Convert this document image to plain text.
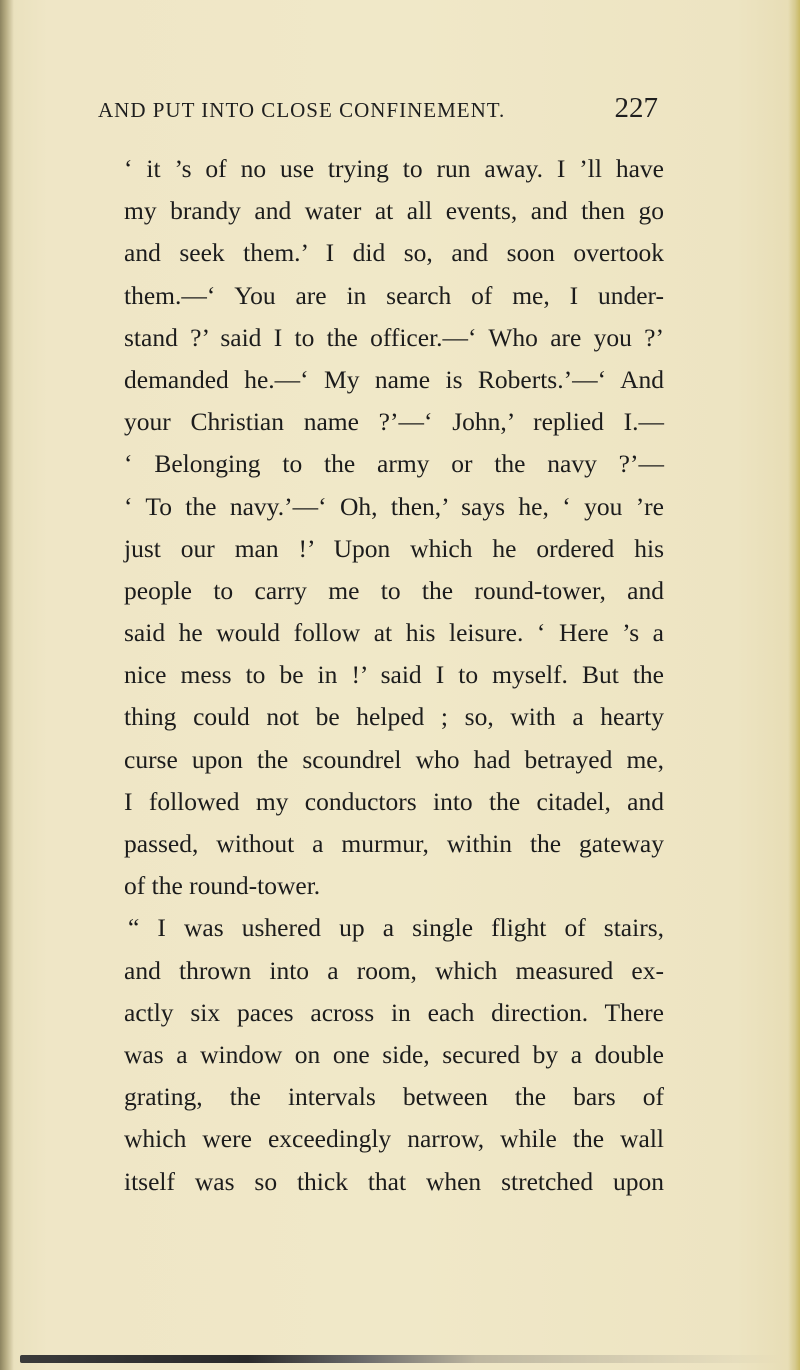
AND PUT INTO CLOSE CONFINEMENT.	227
‘ it ’s of no use trying to run away. I ’ll have
my brandy and water at all events, and then go
and seek them.’ I did so, and soon overtook
them.—‘ You are in search of me, I under-
stand ?’ said I to the officer.—‘ Who are you ?’
demanded he.—‘ My name is Roberts.’—‘ And
your Christian name ?’—‘ John,’ replied I.—
‘ Belonging to the army or the navy ?’—
‘ To the navy.’—‘ Oh, then,’ says he, ‘ you ’re
just our man !’ Upon which he ordered his
people to carry me to the round-tower, and
said he would follow at his leisure. ‘ Here ’s a
nice mess to be in !’ said I to myself. But the
thing could not be helped ; so, with a hearty
curse upon the scoundrel who had betrayed me,
I followed my conductors into the citadel, and
passed, without a murmur, within the gateway
of the round-tower.
“ I was ushered up a single flight of stairs,
and thrown into a room, which measured ex-
actly six paces across in each direction. There
was a window on one side, secured by a double
grating, the intervals between the bars of
which were exceedingly narrow, while the wall
itself was so thick that when stretched upon
